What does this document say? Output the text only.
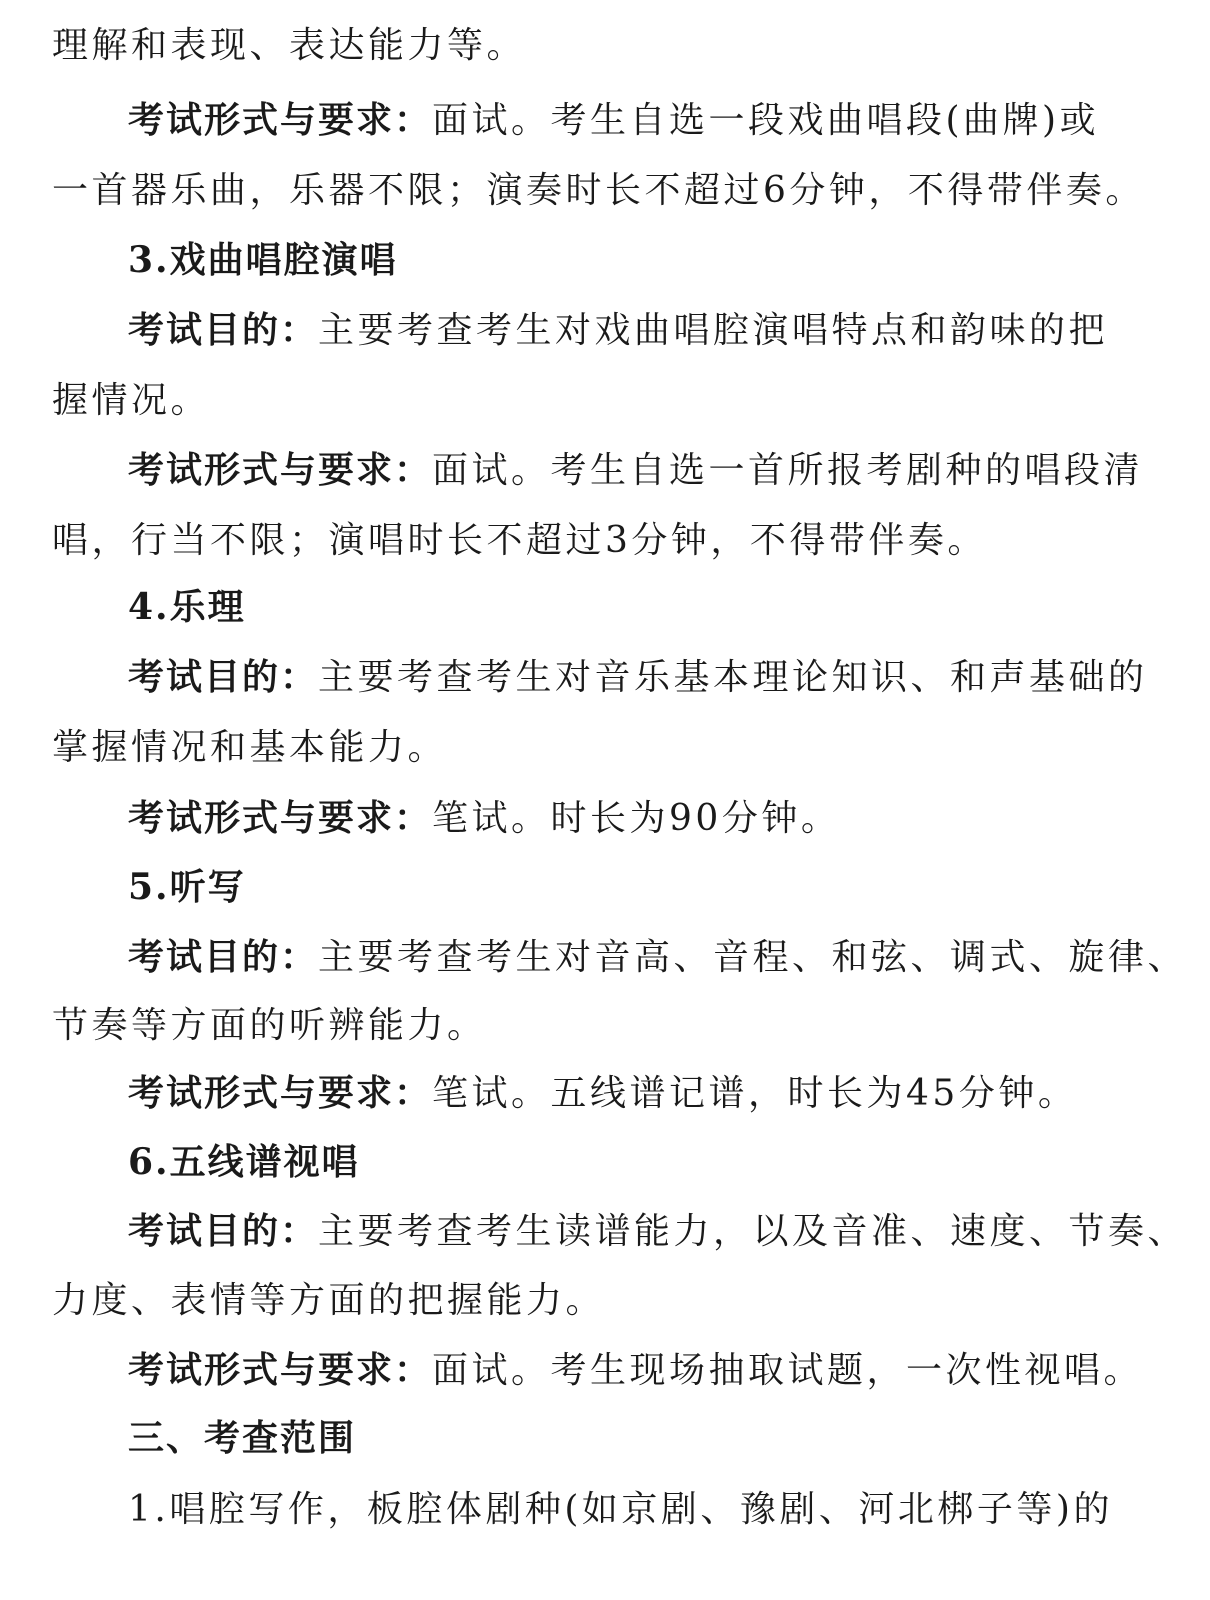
理解和表现、表达能力等。
考试形式与要求：面试。考生自选一段戏曲唱段(曲牌)或
一首器乐曲，乐器不限；演奏时长不超过6分钟，不得带伴奏。
3.戏曲唱腔演唱
考试目的：主要考查考生对戏曲唱腔演唱特点和韵味的把
握情况。
考试形式与要求：面试。考生自选一首所报考剧种的唱段清
唱，行当不限；演唱时长不超过3分钟，不得带伴奏。
4.乐理
考试目的：主要考查考生对音乐基本理论知识、和声基础的
掌握情况和基本能力。
考试形式与要求：笔试。时长为90分钟。
5.听写
考试目的：主要考查考生对音高、音程、和弦、调式、旋律、
节奏等方面的听辨能力。
考试形式与要求：笔试。五线谱记谱，时长为45分钟。
6.五线谱视唱
考试目的：主要考查考生读谱能力，以及音准、速度、节奏、
力度、表情等方面的把握能力。
考试形式与要求：面试。考生现场抽取试题，一次性视唱。
三、考查范围
1.唱腔写作，板腔体剧种(如京剧、豫剧、河北梆子等)的
